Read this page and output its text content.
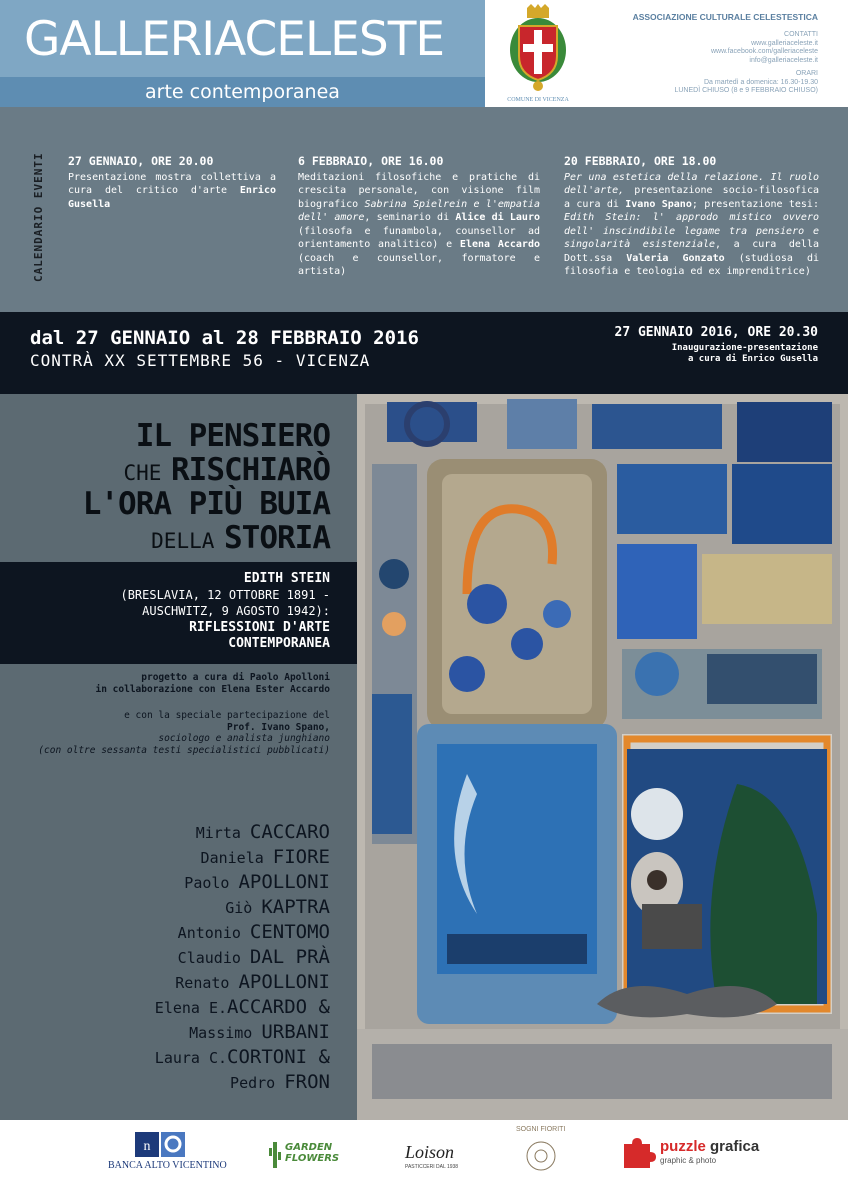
GALLERIACELESTE
arte contemporanea	COMUNE DI VICENZA
ASSOCIAZIONE CULTURALE CELESTESTICA
CONTATTI
www.galleriaceleste.it
www.facebook.com/galleriaceleste
info@galleriaceleste.it
ORARI
Da martedì a domenica: 16.30-19.30
LUNEDÌ CHIUSO (8 e 9 FEBBRAIO CHIUSO)
CALENDARIO EVENTI 27 GENNAIO, ORE 20.00
Presentazione mostra collettiva a cura del critico d'arte Enrico Gusella
6 FEBBRAIO, ORE 16.00
Meditazioni filosofiche e pratiche di crescita personale, con visione film biografico Sabrina Spielrein e l'empatia dell' amore, seminario di Alice di Lauro (filosofa e funambola, counsellor ad orientamento analitico) e Elena Accardo (coach e counsellor, formatore e artista)
20 FEBBRAIO, ORE 18.00
Per una estetica della relazione. Il ruolo dell'arte, presentazione socio-filosofica a cura di Ivano Spano; presentazione tesi: Edith Stein: l' approdo mistico ovvero dell' inscindibile legame tra pensiero e singolarità esistenziale, a cura della Dott.ssa Valeria Gonzato (studiosa di filosofia e teologia ed ex imprenditrice)
dal 27 GENNAIO al 28 FEBBRAIO 2016
CONTRÀ XX SETTEMBRE 56 - VICENZA
27 GENNAIO 2016, ORE 20.30
Inaugurazione-presentazione
a cura di Enrico Gusella
IL PENSIERO
CHE RISCHIARÒ
L'ORA PIÙ BUIA
DELLA STORIA
EDITH STEIN
(BRESLAVIA, 12 OTTOBRE 1891 -
AUSCHWITZ, 9 AGOSTO 1942):
RIFLESSIONI D'ARTE
CONTEMPORANEA
progetto a cura di Paolo Apolloni
in collaborazione con Elena Ester Accardo
e con la speciale partecipazione del
Prof. Ivano Spano,
sociologo e analista junghiano
(con oltre sessanta testi specialistici pubblicati)
Mirta CACCARO
Daniela FIORE
Paolo APOLLONI
Giò KAPTRA
Antonio CENTOMO
Claudio DAL PRÀ
Renato APOLLONI
Elena E.ACCARDO &
Massimo URBANI
Laura C.CORTONI &
Pedro FRON
n
BANCA ALTO VICENTINO
GARDEN
FLOWERS	Loison
PASTICCERI DAL 1938
SOGNI FIORITI
puzzle grafica
graphic & photo
